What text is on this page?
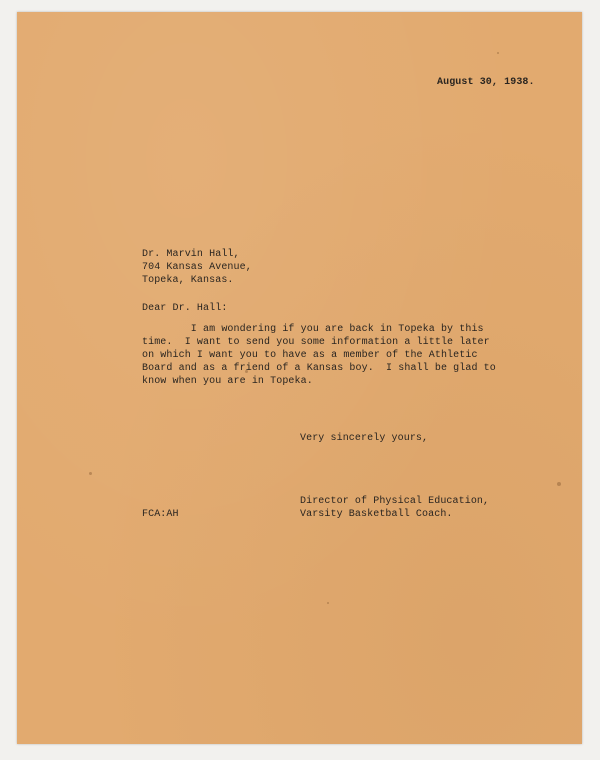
August 30, 1938.
Dr. Marvin Hall,
704 Kansas Avenue,
Topeka, Kansas.
Dear Dr. Hall:
I am wondering if you are back in Topeka by this
time.  I want to send you some information a little later
on which I want you to have as a member of the Athletic
Board and as a friend of a Kansas boy.  I shall be glad to
know when you are in Topeka.
Very sincerely yours,
Director of Physical Education,
Varsity Basketball Coach.
FCA:AH
